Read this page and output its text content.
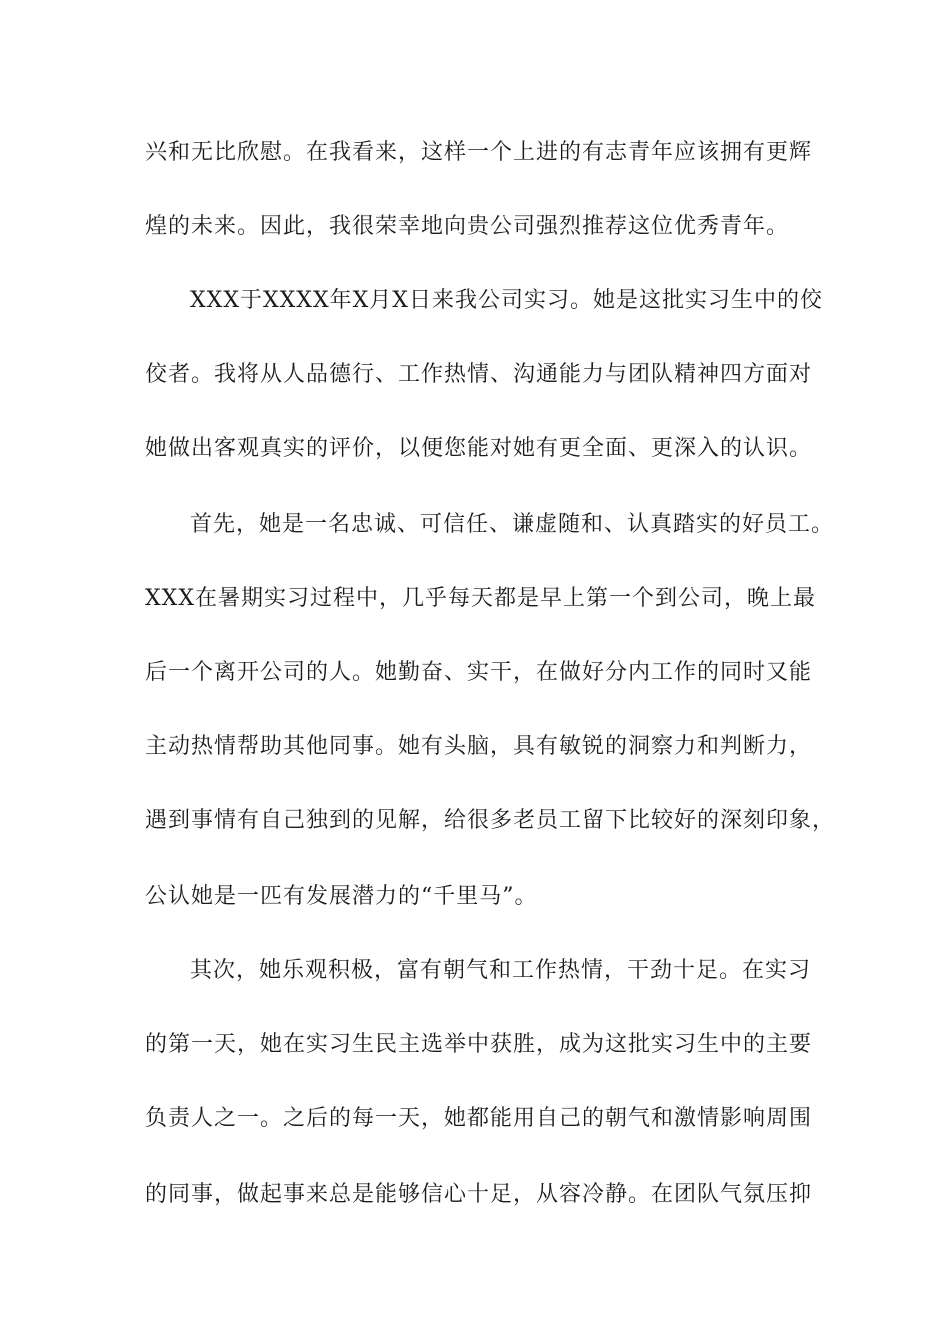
兴和无比欣慰。在我看来，这样一个上进的有志青年应该拥有更辉
煌的未来。因此，我很荣幸地向贵公司强烈推荐这位优秀青年。
XXX于XXXX年X月X日来我公司实习。她是这批实习生中的佼
佼者。我将从人品德行、工作热情、沟通能力与团队精神四方面对
她做出客观真实的评价，以便您能对她有更全面、更深入的认识。
首先，她是一名忠诚、可信任、谦虚随和、认真踏实的好员工。
XXX在暑期实习过程中，几乎每天都是早上第一个到公司，晚上最
后一个离开公司的人。她勤奋、实干，在做好分内工作的同时又能
主动热情帮助其他同事。她有头脑，具有敏锐的洞察力和判断力，
遇到事情有自己独到的见解，给很多老员工留下比较好的深刻印象，
公认她是一匹有发展潜力的“千里马”。
其次，她乐观积极，富有朝气和工作热情，干劲十足。在实习
的第一天，她在实习生民主选举中获胜，成为这批实习生中的主要
负责人之一。之后的每一天，她都能用自己的朝气和激情影响周围
的同事，做起事来总是能够信心十足，从容冷静。在团队气氛压抑
